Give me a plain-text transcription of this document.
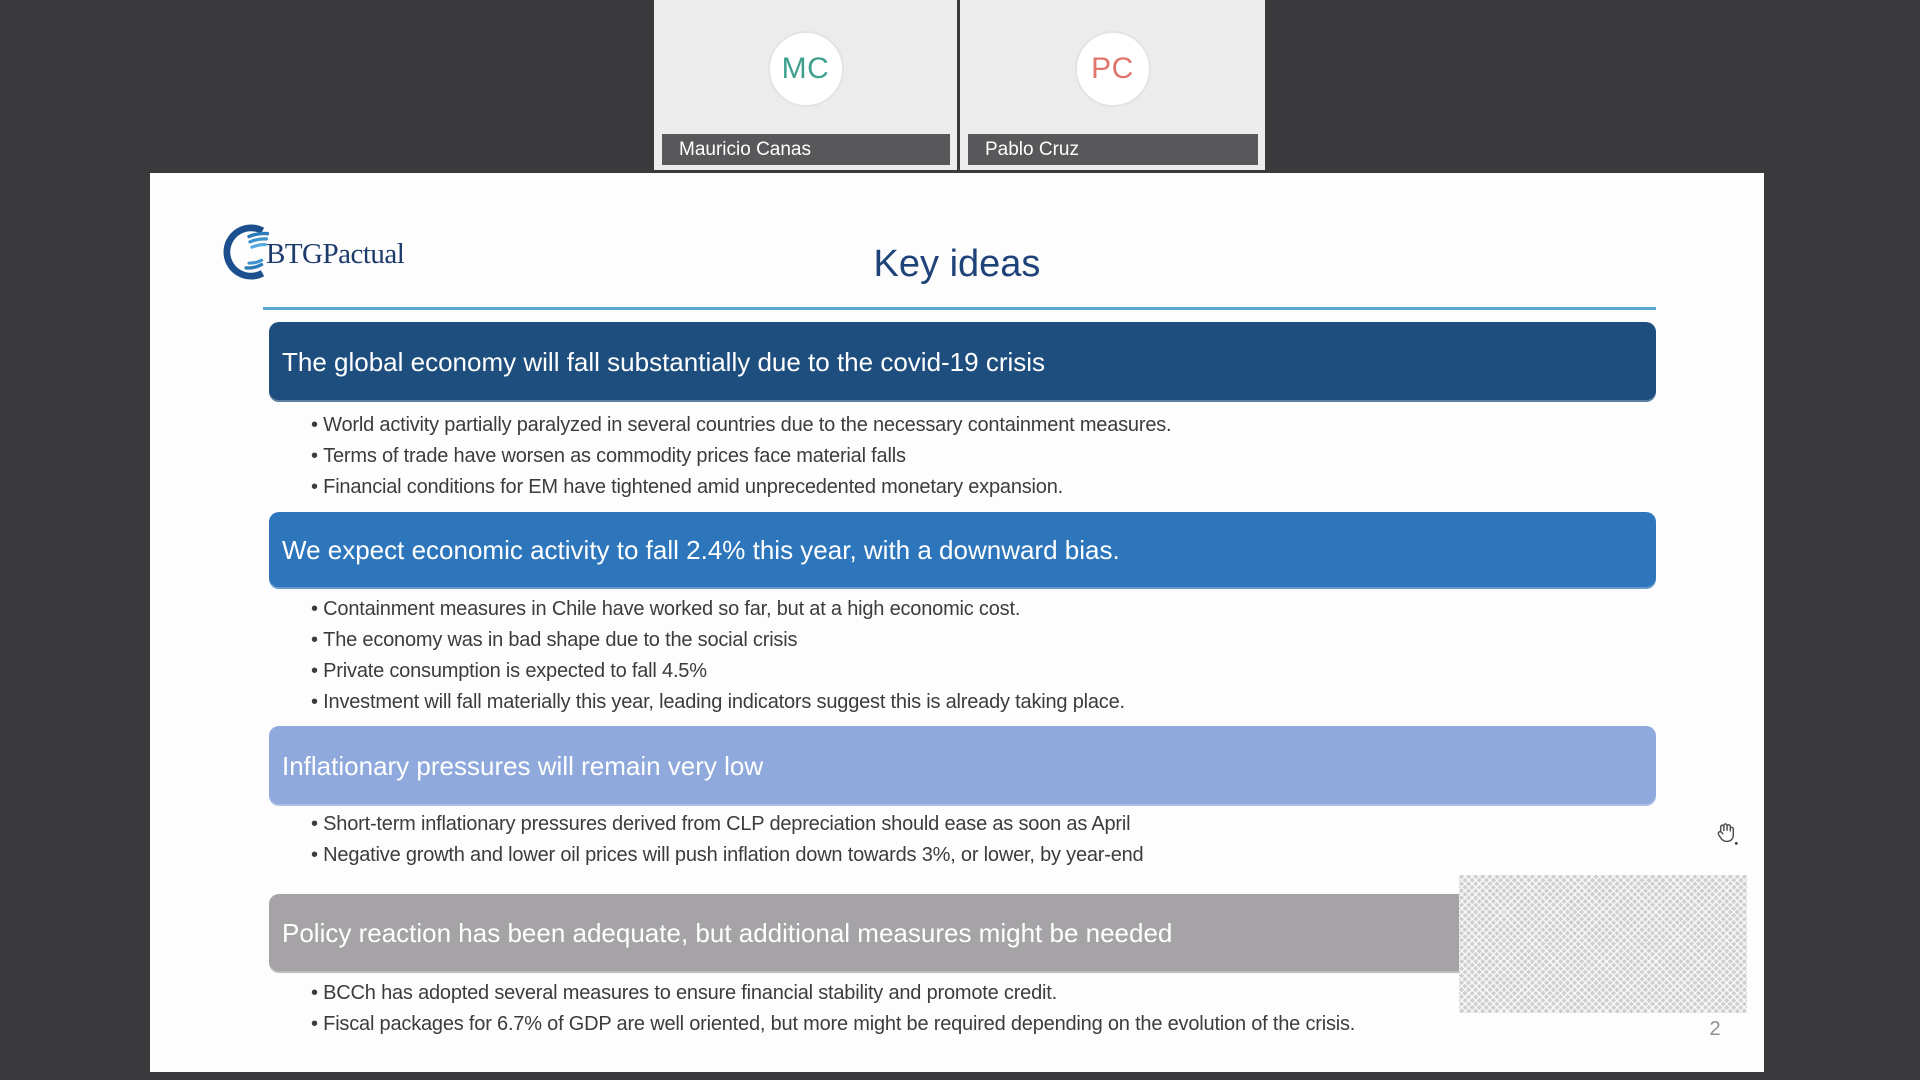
MC
Mauricio Canas
PC
Pablo Cruz
BTGPactual	Key ideas
The global economy will fall substantially due to the covid-19 crisis
• World activity partially paralyzed in several countries due to the necessary containment measures.
• Terms of trade have worsen as commodity prices face material falls
• Financial conditions for EM have tightened amid unprecedented monetary expansion.
We expect economic activity to fall 2.4% this year, with a downward bias.
• Containment measures in Chile have worked so far, but at a high economic cost.
• The economy was in bad shape due to the social crisis
• Private consumption is expected to fall 4.5%
• Investment will fall materially this year, leading indicators suggest this is already taking place.
Inflationary pressures will remain very low
• Short-term inflationary pressures derived from CLP depreciation should ease as soon as April
• Negative growth and lower oil prices will push inflation down towards 3%, or lower, by year-end
Policy reaction has been adequate, but additional measures might be needed
• BCCh has adopted several measures to ensure financial stability and promote credit.
• Fiscal packages for 6.7% of GDP are well oriented, but more might be required depending on the evolution of the crisis.	2
